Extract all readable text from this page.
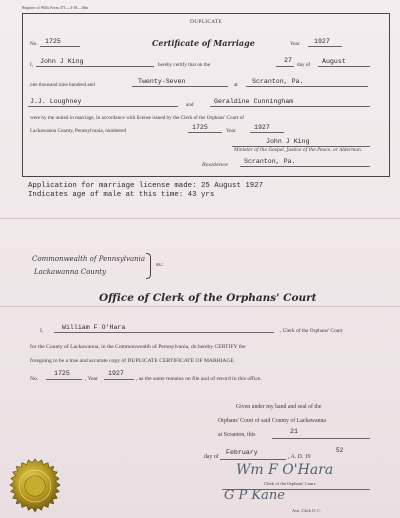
Register of Wills Form 471—4-18—10m
DUPLICATE
No. 1725	Certificate of Marriage	Year 1927
I, John J King	hereby certify that on the
27
day of August
one thousand nine hundred and	Twenty-Seven	at Scranton, Pa.
J.J. Loughney	and	Geraldine Cunningham
were by me united in marriage, in accordance with license issued by the Clerk of the Orphans' Court of
Lackawanna County, Pennsylvania, numbered	1725	Year	1927
John J King
Minister of the Gospel, Justice of the Peace, or Alderman.
Residence Scranton, Pa.
Application for marriage license made: 25 August 1927
Indicates age of male at this time: 43 yrs
Commonwealth of Pennsylvania
Lackawanna County
ss.:
Office of Clerk of the Orphans' Court
I,	William F O'Hara	, Clerk of the Orphans' Court
for the County of Lackawanna, in the Commonwealth of Pennsylvania, do hereby CERTIFY the
foregoing to be a true and accurate copy of DUPLICATE CERTIFICATE OF MARRIAGE
No.
1725
, Year
1927
, as the same remains on file and of record in this office.
Given under my hand and seal of the
Orphans' Court of said County of Lackawanna
at Scranton, this	21
day of
February
, A. D. 19
52
Wm F O'Hara
Clerk of the Orphans' Court.
G P Kane
Asst. Clerk O. C.
